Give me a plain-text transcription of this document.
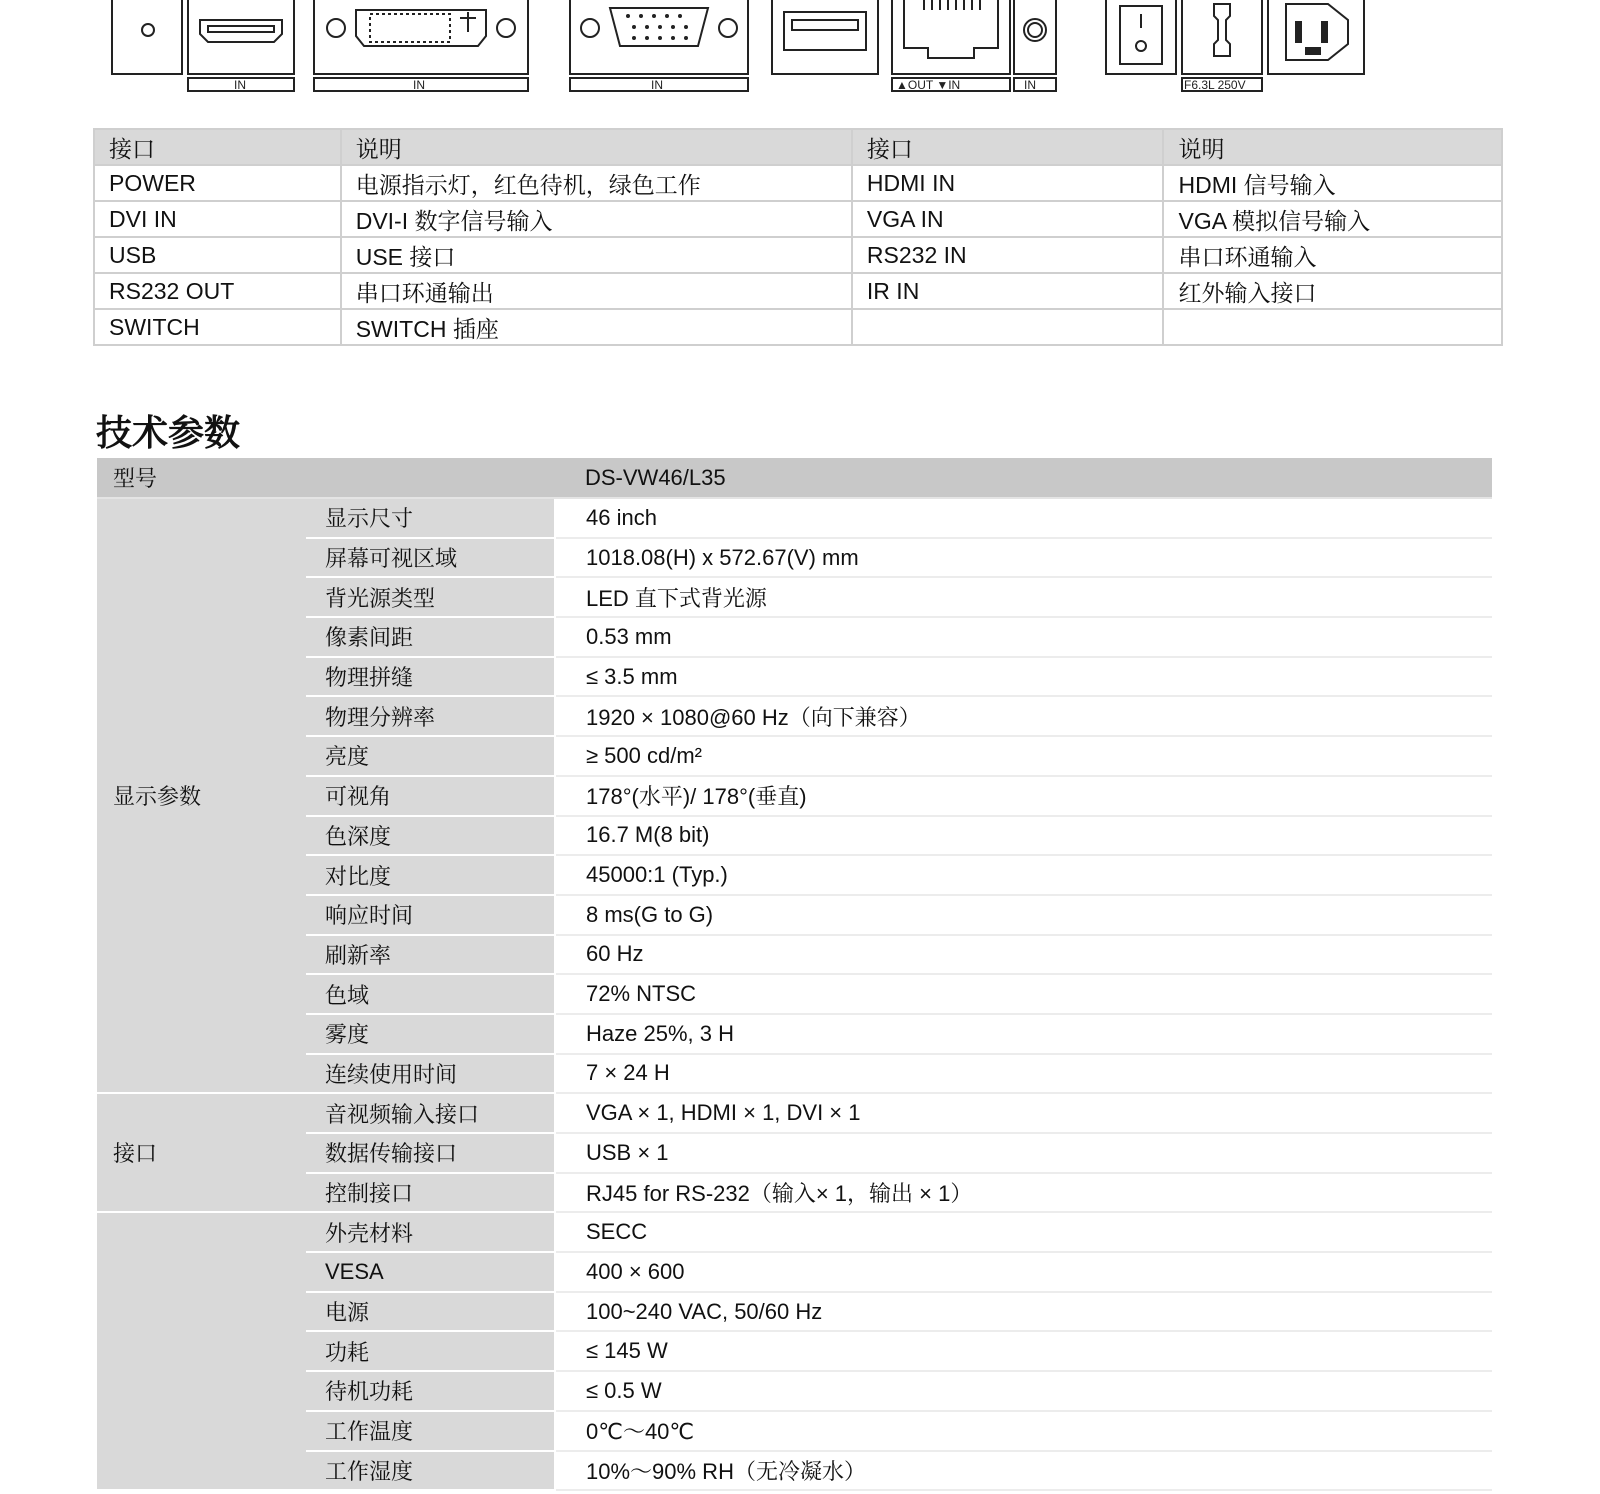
IN	IN	IN	▲OUT ▼IN	IN	F6.3L 250V
接口	说明	接口	说明
POWER	电源指示灯，红色待机，绿色工作	HDMI IN	HDMI 信号输入
DVI IN	DVI-I 数字信号输入	VGA IN	VGA 模拟信号输入
USB	USE 接口	RS232 IN	串口环通输入
RS232 OUT	串口环通输出	IR IN	红外输入接口
SWITCH	SWITCH 插座		
技术参数
型号		DS-VW46/L35
显示参数	显示尺寸	46 inch
	屏幕可视区域	1018.08(H) x 572.67(V) mm
	背光源类型	LED 直下式背光源
	像素间距	0.53 mm
	物理拼缝	≤ 3.5 mm
	物理分辨率	1920 × 1080@60 Hz（向下兼容）
	亮度	≥ 500 cd/m²
	可视角	178°(水平)/ 178°(垂直)
	色深度	16.7 M(8 bit)
	对比度	45000:1 (Typ.)
	响应时间	8 ms(G to G)
	刷新率	60 Hz
	色域	72% NTSC
	雾度	Haze 25%, 3 H
	连续使用时间	7 × 24 H
接口	音视频输入接口	VGA × 1, HDMI × 1, DVI × 1
	数据传输接口	USB × 1
	控制接口	RJ45 for RS-232（输入× 1，输出 × 1）
	外壳材料	SECC
	VESA	400 × 600
	电源	100~240 VAC, 50/60 Hz
	功耗	≤ 145 W
	待机功耗	≤ 0.5 W
	工作温度	0℃～40℃
	工作湿度	10%～90% RH（无冷凝水）
